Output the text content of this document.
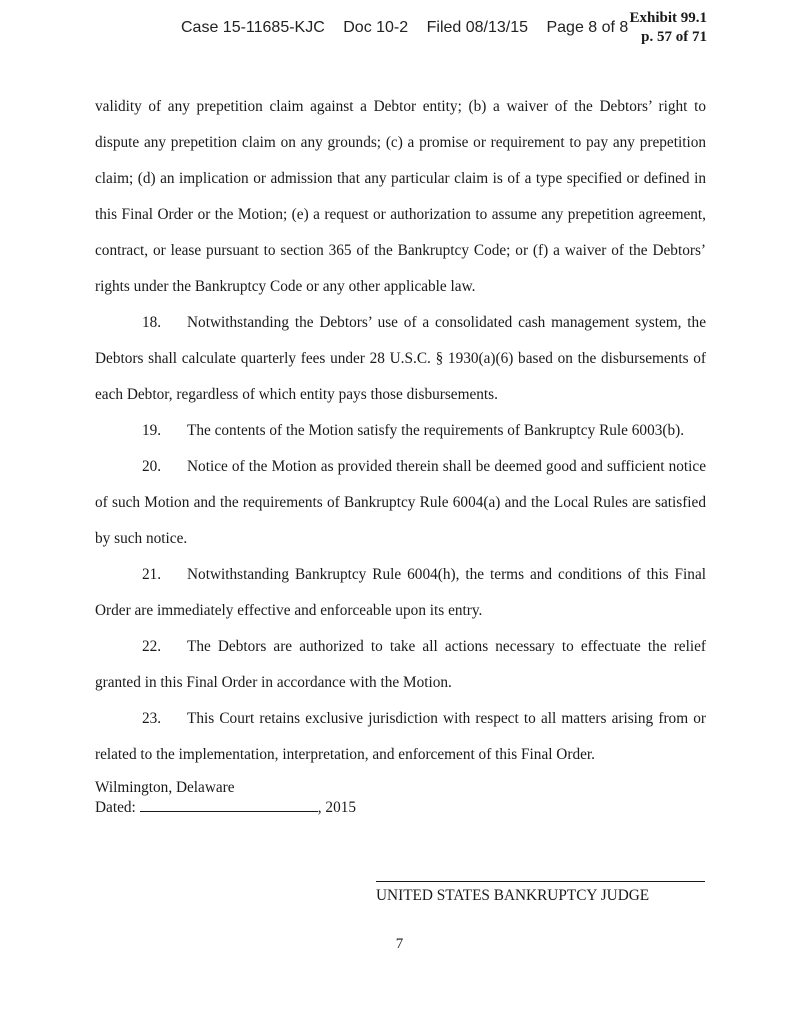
Case 15-11685-KJC Doc 10-2 Filed 08/13/15 Page 8 of 8
Exhibit 99.1
p. 57 of 71

validity of any prepetition claim against a Debtor entity; (b) a waiver of the Debtors’ right to dispute any prepetition claim on any grounds; (c) a promise or requirement to pay any prepetition claim; (d) an implication or admission that any particular claim is of a type specified or defined in this Final Order or the Motion; (e) a request or authorization to assume any prepetition agreement, contract, or lease pursuant to section 365 of the Bankruptcy Code; or (f) a waiver of the Debtors’ rights under the Bankruptcy Code or any other applicable law.

18. Notwithstanding the Debtors’ use of a consolidated cash management system, the Debtors shall calculate quarterly fees under 28 U.S.C. § 1930(a)(6) based on the disbursements of each Debtor, regardless of which entity pays those disbursements.

19. The contents of the Motion satisfy the requirements of Bankruptcy Rule 6003(b).

20. Notice of the Motion as provided therein shall be deemed good and sufficient notice of such Motion and the requirements of Bankruptcy Rule 6004(a) and the Local Rules are satisfied by such notice.

21. Notwithstanding Bankruptcy Rule 6004(h), the terms and conditions of this Final Order are immediately effective and enforceable upon its entry.

22. The Debtors are authorized to take all actions necessary to effectuate the relief granted in this Final Order in accordance with the Motion.

23. This Court retains exclusive jurisdiction with respect to all matters arising from or related to the implementation, interpretation, and enforcement of this Final Order.

Wilmington, Delaware
Dated:	, 2015
UNITED STATES BANKRUPTCY JUDGE
7
